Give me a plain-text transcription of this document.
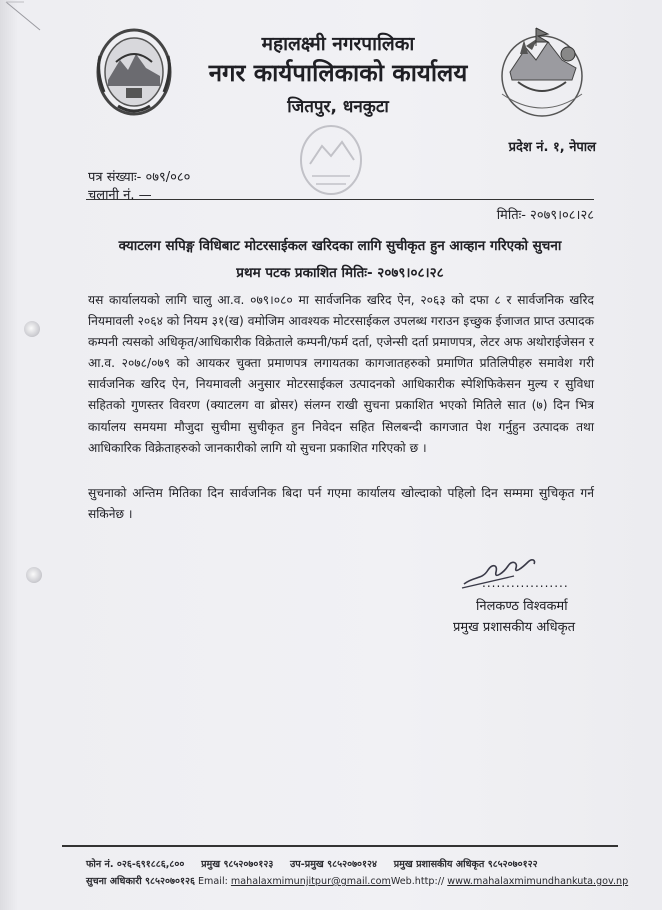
महालक्ष्मी नगरपालिका
नगर कार्यपालिकाको कार्यालय
जितपुर, धनकुटा
प्रदेश नं. १, नेपाल
पत्र संख्याः- ०७९/०८०
चलानी नं. —
मितिः- २०७९।०८।२८
क्याटलग सपिङ्ग विधिबाट मोटरसाईकल खरिदका लागि सुचीकृत हुन आव्हान गरिएको सुचना
प्रथम पटक प्रकाशित मितिः- २०७९।०८।२८

यस कार्यालयको लागि चालु आ.व. ०७९।०८० मा सार्वजनिक खरिद ऐन, २०६३ को दफा ८ र सार्वजनिक खरिद नियमावली २०६४ को नियम ३१(ख) वमोजिम आवश्यक मोटरसाईकल उपलब्ध गराउन इच्छुक ईजाजत प्राप्त उत्पादक कम्पनी त्यसको अधिकृत/आधिकारीक विक्रेताले कम्पनी/फर्म दर्ता, एजेन्सी दर्ता प्रमाणपत्र, लेटर अफ अथोराईजेसन र आ.व. २०७८/०७९ को आयकर चुक्ता प्रमाणपत्र लगायतका कागजातहरुको प्रमाणित प्रतिलिपीहरु समावेश गरी सार्वजनिक खरिद ऐन, नियमावली अनुसार मोटरसाईकल उत्पादनको आधिकारीक स्पेशिफिकेसन मुल्य र सुविधा सहितको गुणस्तर विवरण (क्याटलग वा ब्रोसर) संलग्न राखी सुचना प्रकाशित भएको मितिले सात (७) दिन भित्र कार्यालय समयमा मौजुदा सुचीमा सुचीकृत हुन निवेदन सहित सिलबन्दी कागजात पेश गर्नुहुन उत्पादक तथा आधिकारिक विक्रेताहरुको जानकारीको लागि यो सुचना प्रकाशित गरिएको छ ।

सुचनाको अन्तिम मितिका दिन सार्वजनिक बिदा पर्न गएमा कार्यालय खोल्दाको पहिलो दिन सम्ममा सुचिकृत गर्न सकिनेछ ।
..................
निलकण्ठ विश्वकर्मा
प्रमुख प्रशासकीय अधिकृत
फोन नं. ०२६-६९१८८६,८०० प्रमुख ९८५२०७०१२३ उप-प्रमुख ९८५२०७०१२४ प्रमुख प्रशासकीय अधिकृत ९८५२०७०१२२
सुचना अधिकारी ९८५२०७०१२६ Email: mahalaxmimunjitpur@gmail.comWeb.http:// www.mahalaxmimundhankuta.gov.np
